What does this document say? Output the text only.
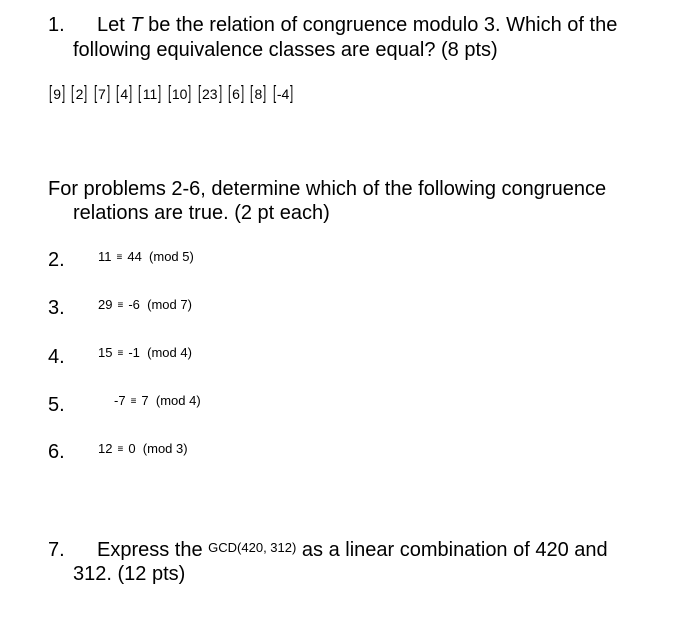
1. Let T be the relation of congruence modulo 3. Which of the
following equivalence classes are equal? (8 pts)
[ 9 ] [ 2 ] [ 7 ] [ 4 ] [ 11 ] [ 10 ] [ 23 ] [ 6 ] [ 8 ] [ -4 ]
For problems 2-6, determine which of the following congruence
relations are true. (2 pt each)
2.	11 ≡ 44 (mod 5)
3.	29 ≡ -6 (mod 7)
4.	15 ≡ -1 (mod 4)
5.	-7 ≡ 7 (mod 4)
6.	12 ≡ 0 (mod 3)
7. Express the $^{GCD(420, 312)}$ as a linear combination of 420 and
312. (12 pts)
